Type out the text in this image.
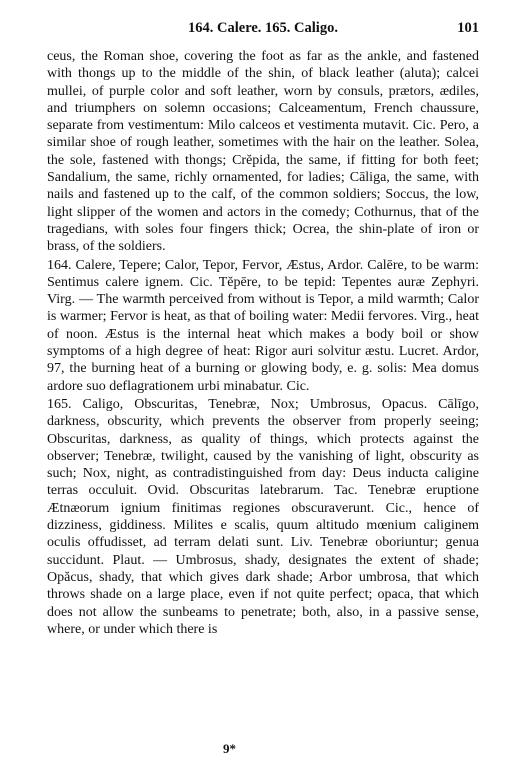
164. Calere. 165. Caligo.	101

ceus, the Roman shoe, covering the foot as far as the ankle, and fastened with thongs up to the middle of the shin, of black leather (aluta); calcei mullei, of purple color and soft leather, worn by consuls, prætors, ædiles, and triumphers on solemn occasions; Calceamentum, French chaussure, separate from vestimentum: Milo calceos et vestimenta mutavit. Cic. Pero, a similar shoe of rough leather, sometimes with the hair on the leather. Solea, the sole, fastened with thongs; Crĕpida, the same, if fitting for both feet; Sandalium, the same, richly ornamented, for ladies; Cāliga, the same, with nails and fastened up to the calf, of the common soldiers; Soccus, the low, light slipper of the women and actors in the comedy; Cothurnus, that of the tragedians, with soles four fingers thick; Ocrea, the shin-plate of iron or brass, of the soldiers.

164. Calere, Tepere; Calor, Tepor, Fervor, Æstus, Ardor. Calēre, to be warm: Sentimus calere ignem. Cic. Tĕpēre, to be tepid: Tepentes auræ Zephyri. Virg. — The warmth perceived from without is Tepor, a mild warmth; Calor is warmer; Fervor is heat, as that of boiling water: Medii fervores. Virg., heat of noon. Æstus is the internal heat which makes a body boil or show symptoms of a high degree of heat: Rigor auri solvitur æstu. Lucret. Ardor, 97, the burning heat of a burning or glowing body, e. g. solis: Mea domus ardore suo deflagrationem urbi minabatur. Cic.

165. Caligo, Obscuritas, Tenebræ, Nox; Umbrosus, Opacus. Cālīgo, darkness, obscurity, which prevents the observer from properly seeing; Obscuritas, darkness, as quality of things, which protects against the observer; Tenebræ, twilight, caused by the vanishing of light, obscurity as such; Nox, night, as contradistinguished from day: Deus inducta caligine terras occuluit. Ovid. Obscuritas latebrarum. Tac. Tenebræ eruptione Ætnæorum ignium finitimas regiones obscuraverunt. Cic., hence of dizziness, giddiness. Milites e scalis, quum altitudo mœnium caliginem oculis offudisset, ad terram delati sunt. Liv. Tenebræ oboriuntur; genua succidunt. Plaut. — Umbrosus, shady, designates the extent of shade; Opăcus, shady, that which gives dark shade; Arbor umbrosa, that which throws shade on a large place, even if not quite perfect; opaca, that which does not allow the sunbeams to penetrate; both, also, in a passive sense, where, or under which there is

9*
